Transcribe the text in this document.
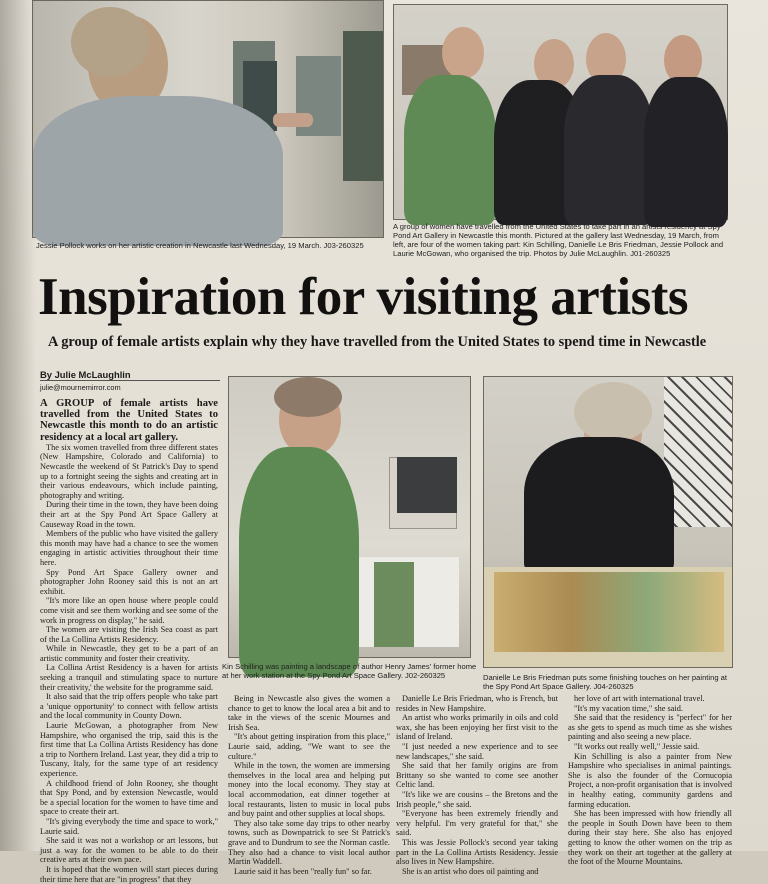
Jessie Pollock works on her artistic creation in Newcastle last Wednesday, 19 March. J03-260325
A group of women have travelled from the United States to take part in an artists residency at Spy Pond Art Gallery in Newcastle this month. Pictured at the gallery last Wednesday, 19 March, from left, are four of the women taking part: Kin Schilling, Danielle Le Bris Friedman, Jessie Pollock and Laurie McGowan, who organised the trip. Photos by Julie McLaughlin. J01-260325
Inspiration for visiting artists
A group of female artists explain why they have travelled from the United States to spend time in Newcastle
By Julie McLaughlin
julie@mournemirror.com

A GROUP of female artists have travelled from the United States to Newcastle this month to do an artistic residency at a local art gallery.

The six women travelled from three different states (New Hampshire, Colorado and California) to Newcastle the weekend of St Patrick's Day to spend up to a fortnight seeing the sights and creating art in their various endeavours, which include painting, photography and writing.

During their time in the town, they have been doing their art at the Spy Pond Art Space Gallery at Causeway Road in the town.

Members of the public who have visited the gallery this month may have had a chance to see the women engaging in artistic activities throughout their time here.

Spy Pond Art Space Gallery owner and photographer John Rooney said this is not an art exhibit.

"It's more like an open house where people could come visit and see them working and see some of the work in progress on display," he said.

The women are visiting the Irish Sea coast as part of the La Collina Artists Residency.

While in Newcastle, they get to be a part of an artistic community and foster their creativity.

La Collina Artist Residency is a haven for artists seeking a tranquil and stimulating space to nurture their creativity,' the website for the programme said.

It also said that the trip offers people who take part a 'unique opportunity' to connect with fellow artists and the local community in County Down.

Laurie McGowan, a photographer from New Hampshire, who organised the trip, said this is the first time that La Collina Artists Residency has done a trip to Northern Ireland. Last year, they did a trip to Tuscany, Italy, for the same type of art residency experience.

A childhood friend of John Rooney, she thought that Spy Pond, and by extension Newcastle, would be a special location for the women to have time and space to create their art.

"It's giving everybody the time and space to work," Laurie said.

She said it was not a workshop or art lessons, but just a way for the women to be able to do their creative arts at their own pace.

It is hoped that the women will start pieces during their time here that are "in progress" that they

Kin Schilling was painting a landscape of author Henry James' former home at her work station at the Spy Pond Art Space Gallery. J02-260325	Danielle Le Bris Friedman puts some finishing touches on her painting at the Spy Pond Art Space Gallery. J04-260325

Being in Newcastle also gives the women a chance to get to know the local area a bit and to take in the views of the scenic Mournes and Irish Sea.

"It's about getting inspiration from this place," Laurie said, adding, "We want to see the culture."

While in the town, the women are immersing themselves in the local area and helping put money into the local economy. They stay at local accommodation, eat dinner together at local restaurants, listen to music in local pubs and buy paint and other supplies at local shops.

They also take some day trips to other nearby towns, such as Downpatrick to see St Patrick's grave and to Dundrum to see the Norman castle. They also had a chance to visit local author Martin Waddell.

Laurie said it has been "really fun" so far.

Danielle Le Bris Friedman, who is French, but resides in New Hampshire.

An artist who works primarily in oils and cold wax, she has been enjoying her first visit to the island of Ireland.

"I just needed a new experience and to see new landscapes," she said.

She said that her family origins are from Brittany so she wanted to come see another Celtic land.

"It's like we are cousins – the Bretons and the Irish people," she said.

"Everyone has been extremely friendly and very helpful. I'm very grateful for that," she said.

This was Jessie Pollock's second year taking part in the La Collina Artists Residency. Jessie also lives in New Hampshire.

She is an artist who does oil painting and

her love of art with international travel.

"It's my vacation time," she said.

She said that the residency is "perfect" for her as she gets to spend as much time as she wishes painting and also seeing a new place.

"It works out really well," Jessie said.

Kin Schilling is also a painter from New Hampshire who specialises in animal paintings. She is also the founder of the Cornucopia Project, a non-profit organisation that is involved in healthy eating, community gardens and farming education.

She has been impressed with how friendly all the people in South Down have been to them during their stay here. She also has enjoyed getting to know the other women on the trip as they work on their art together at the gallery at the foot of the Mourne Mountains.
